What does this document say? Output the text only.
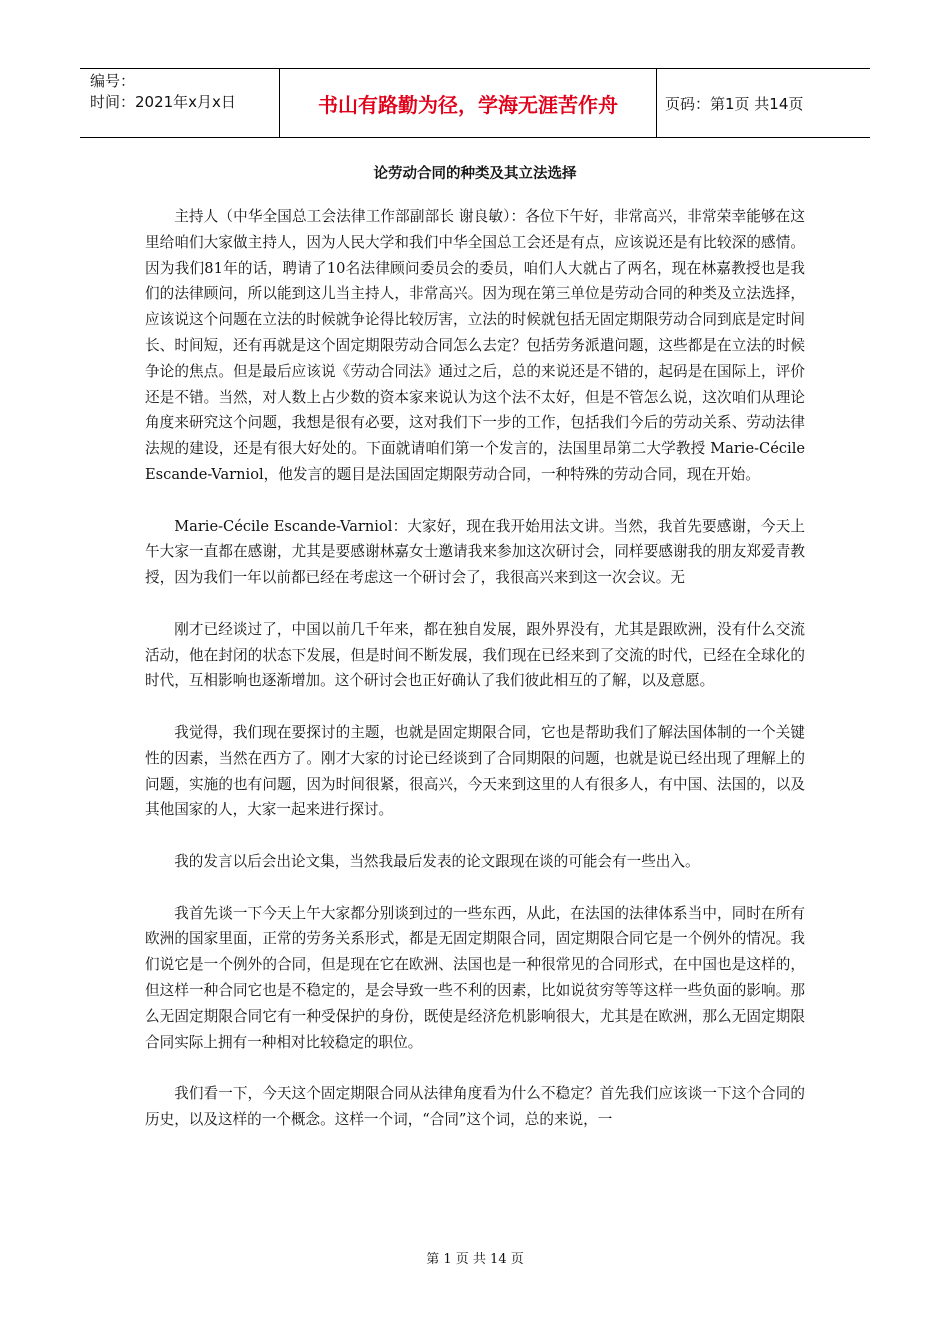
编号：
时间：2021年x月x日	书山有路勤为径，学海无涯苦作舟	页码：第1页 共14页
论劳动合同的种类及其立法选择

主持人（中华全国总工会法律工作部副部长 谢良敏）：各位下午好，非常高兴，非常荣幸能够在这里给咱们大家做主持人，因为人民大学和我们中华全国总工会还是有点，应该说还是有比较深的感情。因为我们81年的话，聘请了10名法律顾问委员会的委员，咱们人大就占了两名，现在林嘉教授也是我们的法律顾问，所以能到这儿当主持人，非常高兴。因为现在第三单位是劳动合同的种类及立法选择，应该说这个问题在立法的时候就争论得比较厉害，立法的时候就包括无固定期限劳动合同到底是定时间长、时间短，还有再就是这个固定期限劳动合同怎么去定？包括劳务派遣问题，这些都是在立法的时候争论的焦点。但是最后应该说《劳动合同法》通过之后，总的来说还是不错的，起码是在国际上，评价还是不错。当然，对人数上占少数的资本家来说认为这个法不太好，但是不管怎么说，这次咱们从理论角度来研究这个问题，我想是很有必要，这对我们下一步的工作，包括我们今后的劳动关系、劳动法律法规的建设，还是有很大好处的。下面就请咱们第一个发言的，法国里昂第二大学教授 Marie-Cécile Escande-Varniol，他发言的题目是法国固定期限劳动合同，一种特殊的劳动合同，现在开始。

Marie-Cécile Escande-Varniol：大家好，现在我开始用法文讲。当然，我首先要感谢，今天上午大家一直都在感谢，尤其是要感谢林嘉女士邀请我来参加这次研讨会，同样要感谢我的朋友郑爱青教授，因为我们一年以前都已经在考虑这一个研讨会了，我很高兴来到这一次会议。无

刚才已经谈过了，中国以前几千年来，都在独自发展，跟外界没有，尤其是跟欧洲，没有什么交流活动，他在封闭的状态下发展，但是时间不断发展，我们现在已经来到了交流的时代，已经在全球化的时代，互相影响也逐渐增加。这个研讨会也正好确认了我们彼此相互的了解，以及意愿。

我觉得，我们现在要探讨的主题，也就是固定期限合同，它也是帮助我们了解法国体制的一个关键性的因素，当然在西方了。刚才大家的讨论已经谈到了合同期限的问题，也就是说已经出现了理解上的问题，实施的也有问题，因为时间很紧，很高兴，今天来到这里的人有很多人，有中国、法国的，以及其他国家的人，大家一起来进行探讨。

我的发言以后会出论文集，当然我最后发表的论文跟现在谈的可能会有一些出入。

我首先谈一下今天上午大家都分别谈到过的一些东西，从此，在法国的法律体系当中，同时在所有欧洲的国家里面，正常的劳务关系形式，都是无固定期限合同，固定期限合同它是一个例外的情况。我们说它是一个例外的合同，但是现在它在欧洲、法国也是一种很常见的合同形式，在中国也是这样的，但这样一种合同它也是不稳定的，是会导致一些不利的因素，比如说贫穷等等这样一些负面的影响。那么无固定期限合同它有一种受保护的身份，既使是经济危机影响很大，尤其是在欧洲，那么无固定期限合同实际上拥有一种相对比较稳定的职位。

我们看一下，今天这个固定期限合同从法律角度看为什么不稳定？首先我们应该谈一下这个合同的历史，以及这样的一个概念。这样一个词，“合同”这个词，总的来说，一

第 1 页 共 14 页
